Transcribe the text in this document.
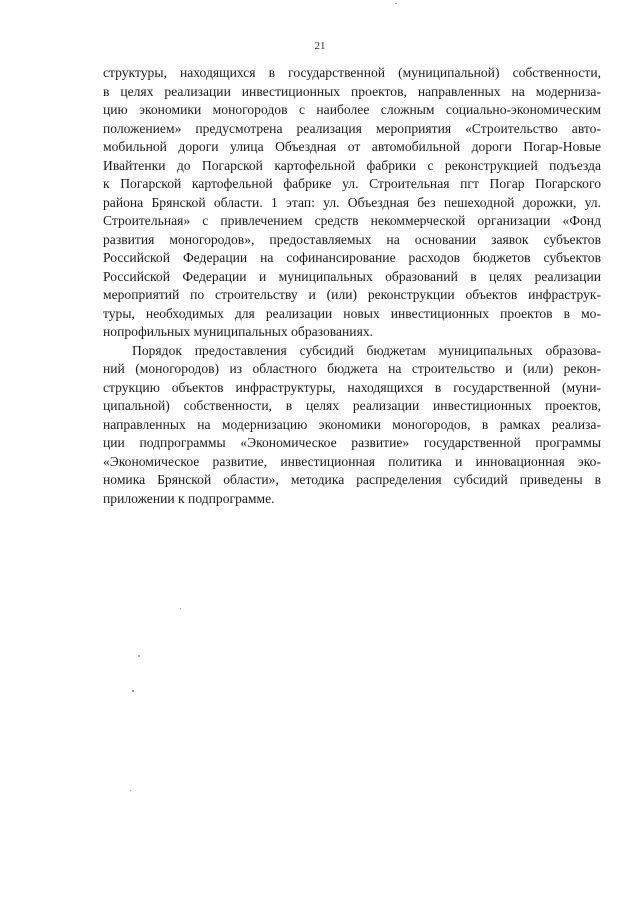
21
структуры, находящихся в государственной (муниципальной) собственности,
в целях реализации инвестиционных проектов, направленных на модерниза-
цию экономики моногородов с наиболее сложным социально-экономическим
положением» предусмотрена реализация мероприятия «Строительство авто-
мобильной дороги улица Объездная от автомобильной дороги Погар-Новые
Ивайтенки до Погарской картофельной фабрики с реконструкцией подъезда
к Погарской картофельной фабрике ул. Строительная пгт Погар Погарского
района Брянской области. 1 этап: ул. Объездная без пешеходной дорожки, ул.
Строительная» с привлечением средств некоммерческой организации «Фонд
развития моногородов», предоставляемых на основании заявок субъектов
Российской Федерации на софинансирование расходов бюджетов субъектов
Российской Федерации и муниципальных образований в целях реализации
мероприятий по строительству и (или) реконструкции объектов инфраструк-
туры, необходимых для реализации новых инвестиционных проектов в мо-
нопрофильных муниципальных образованиях.
Порядок предоставления субсидий бюджетам муниципальных образова-
ний (моногородов) из областного бюджета на строительство и (или) рекон-
струкцию объектов инфраструктуры, находящихся в государственной (муни-
ципальной) собственности, в целях реализации инвестиционных проектов,
направленных на модернизацию экономики моногородов, в рамках реализа-
ции подпрограммы «Экономическое развитие» государственной программы
«Экономическое развитие, инвестиционная политика и инновационная эко-
номика Брянской области», методика распределения субсидий приведены в
приложении к подпрограмме.
